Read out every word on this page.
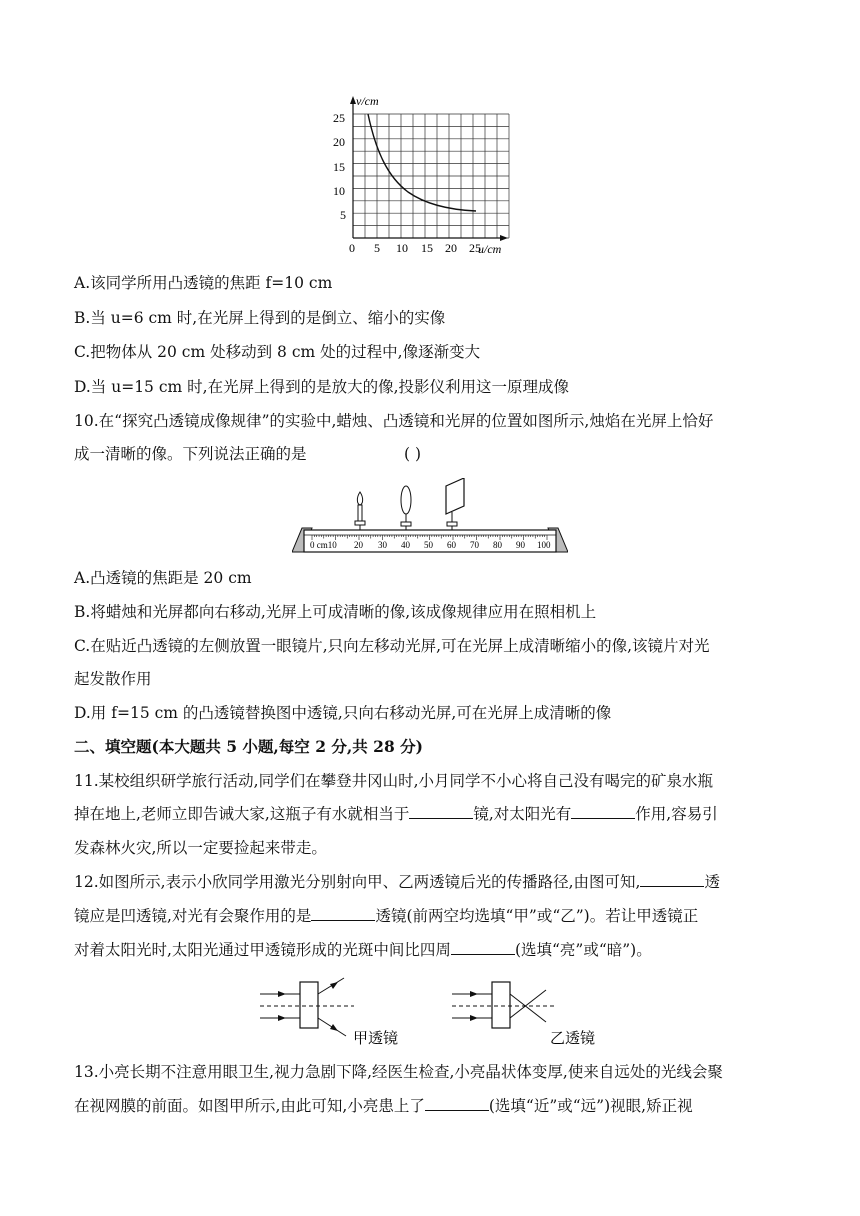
v/cm
u/cm
25
20
15
10
5
0 5 10 15 20 25
A.该同学所用凸透镜的焦距 f=10 cm
B.当 u=6 cm 时,在光屏上得到的是倒立、缩小的实像
C.把物体从 20 cm 处移动到 8 cm 处的过程中,像逐渐变大
D.当 u=15 cm 时,在光屏上得到的是放大的像,投影仪利用这一原理成像
10.在“探究凸透镜成像规律”的实验中,蜡烛、凸透镜和光屏的位置如图所示,烛焰在光屏上恰好
成一清晰的像。下列说法正确的是	( )
0 cm10 20 30 40 50 60 70 80 90 100
A.凸透镜的焦距是 20 cm
B.将蜡烛和光屏都向右移动,光屏上可成清晰的像,该成像规律应用在照相机上
C.在贴近凸透镜的左侧放置一眼镜片,只向左移动光屏,可在光屏上成清晰缩小的像,该镜片对光
起发散作用
D.用 f=15 cm 的凸透镜替换图中透镜,只向右移动光屏,可在光屏上成清晰的像
二、填空题(本大题共 5 小题,每空 2 分,共 28 分)
11.某校组织研学旅行活动,同学们在攀登井冈山时,小月同学不小心将自己没有喝完的矿泉水瓶
掉在地上,老师立即告诫大家,这瓶子有水就相当于	镜,对太阳光有	作用,容易引
发森林火灾,所以一定要捡起来带走。
12.如图所示,表示小欣同学用激光分别射向甲、乙两透镜后光的传播路径,由图可知,	透
镜应是凹透镜,对光有会聚作用的是	透镜(前两空均选填“甲”或“乙”)。若让甲透镜正
对着太阳光时,太阳光通过甲透镜形成的光斑中间比四周	(选填“亮”或“暗”)。
甲透镜	乙透镜
13.小亮长期不注意用眼卫生,视力急剧下降,经医生检查,小亮晶状体变厚,使来自远处的光线会聚
在视网膜的前面。如图甲所示,由此可知,小亮患上了	(选填“近”或“远”)视眼,矫正视
